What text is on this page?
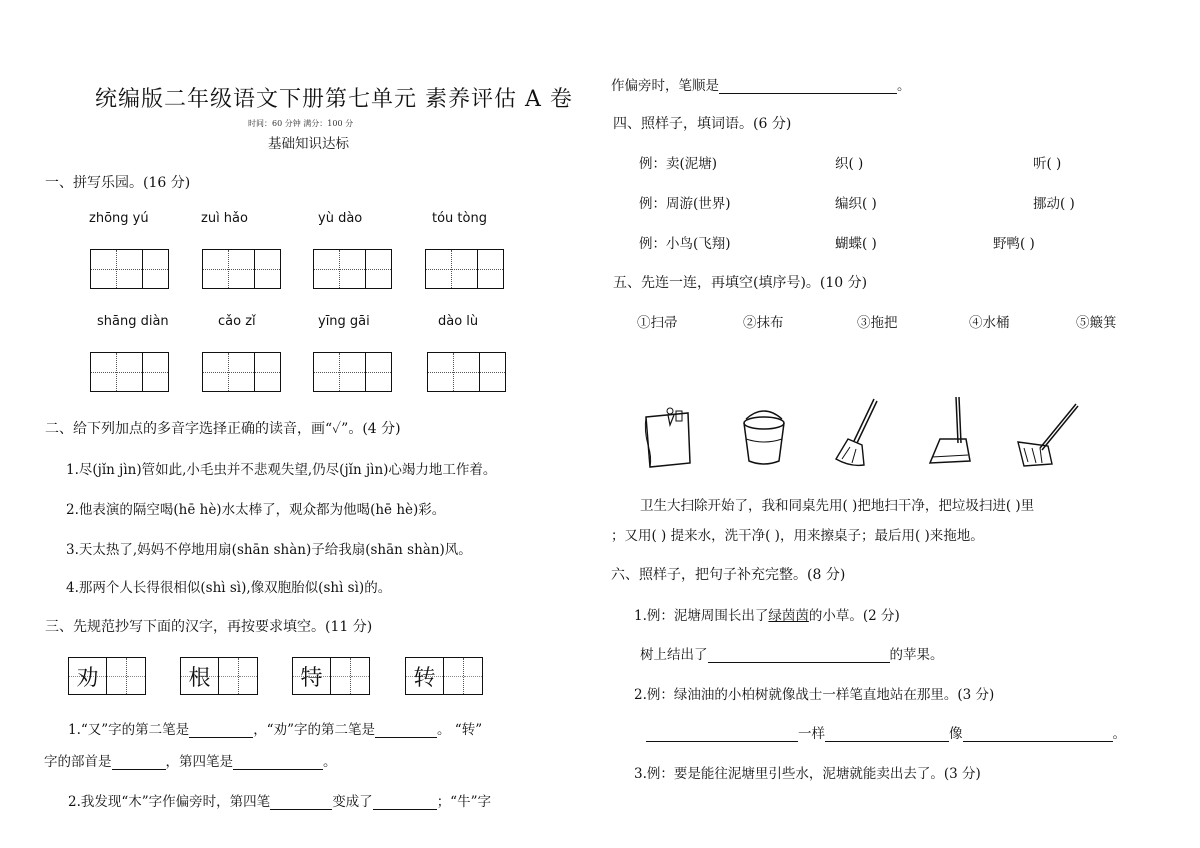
统编版二年级语文下册第七单元 素养评估 A 卷
时间：60 分钟 满分：100 分
基础知识达标
一、拼写乐园。(16 分)
zhōng yú	zuì hǎo	yù dào	tóu tòng
shāng diàn	cǎo zǐ	yīng gāi	dào lù
二、给下列加点的多音字选择正确的读音，画“✓”。(4 分)
1.尽(jǐn jìn)管如此,小毛虫并不悲观失望,仍尽(jǐn jìn)心竭力地工作着。
2.他表演的隔空喝(hē hè)水太棒了，观众都为他喝(hē hè)彩。
3.天太热了,妈妈不停地用扇(shān shàn)子给我扇(shān shàn)风。
4.那两个人长得很相似(shì sì),像双胞胎似(shì sì)的。
三、先规范抄写下面的汉字，再按要求填空。(11 分)
劝	根	特	转
1.“又”字的第二笔是	，“劝”字的第二笔是	。 “转”
字的部首是	，第四笔是	。
2.我发现“木”字作偏旁时，第四笔	变成了	；“牛”字
作偏旁时，笔顺是	。
四、照样子，填词语。(6 分)
例：卖(泥塘)	织( )	听( )
例：周游(世界)	编织( )	挪动( )
例：小鸟(飞翔)	蝴蝶( )	野鸭( )
五、先连一连，再填空(填序号)。(10 分)
①扫帚	②抹布	③拖把	④水桶	⑤簸箕
卫生大扫除开始了，我和同桌先用( )把地扫干净，把垃圾扫进( )里
；又用( ) 提来水，洗干净( )，用来擦桌子；最后用( )来拖地。
六、照样子，把句子补充完整。(8 分)
1.例：泥塘周围长出了绿茵茵的小草。(2 分)
树上结出了	的苹果。
2.例：绿油油的小柏树就像战士一样笔直地站在那里。(3 分)
一样	像	。
3.例：要是能往泥塘里引些水，泥塘就能卖出去了。(3 分)
